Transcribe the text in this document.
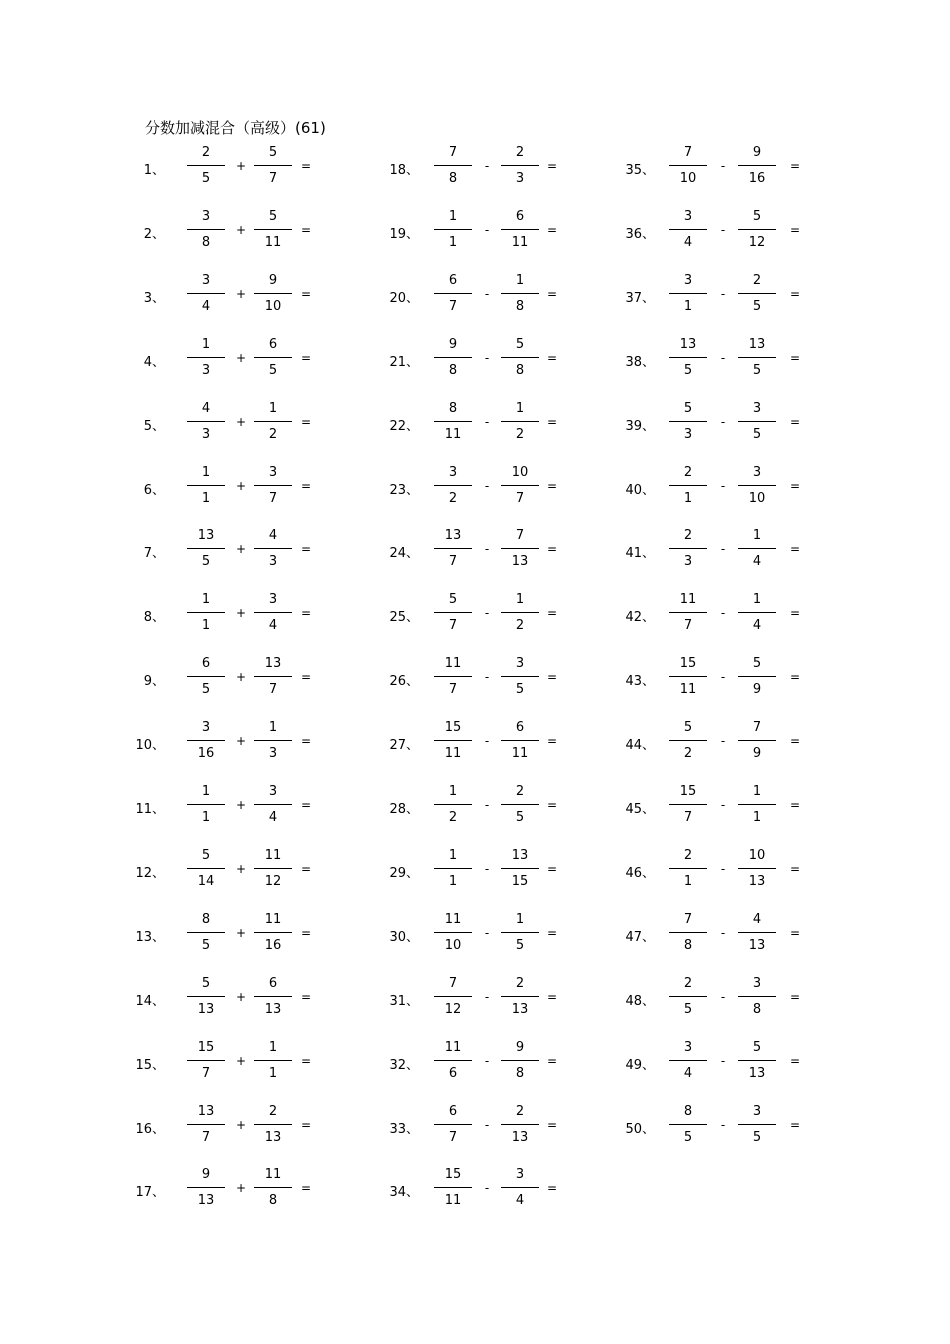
分数加减混合（高级）(61)
1、
2
5
+
5
7
=
2、
3
8
+
5
11
=
3、
3
4
+
9
10
=
4、
1
3
+
6
5
=
5、
4
3
+
1
2
=
6、
1
1
+
3
7
=
7、
13
5
+
4
3
=
8、
1
1
+
3
4
=
9、
6
5
+
13
7
=
10、
3
16
+
1
3
=
11、
1
1
+
3
4
=
12、
5
14
+
11
12
=
13、
8
5
+
11
16
=
14、
5
13
+
6
13
=
15、
15
7
+
1
1
=
16、
13
7
+
2
13
=
17、
9
13
+
11
8
=
18、
7
8
-
2
3
=
19、
1
1
-
6
11
=
20、
6
7
-
1
8
=
21、
9
8
-
5
8
=
22、
8
11
-
1
2
=
23、
3
2
-
10
7
=
24、
13
7
-
7
13
=
25、
5
7
-
1
2
=
26、
11
7
-
3
5
=
27、
15
11
-
6
11
=
28、
1
2
-
2
5
=
29、
1
1
-
13
15
=
30、
11
10
-
1
5
=
31、
7
12
-
2
13
=
32、
11
6
-
9
8
=
33、
6
7
-
2
13
=
34、
15
11
-
3
4
=
35、
7
10
-
9
16
=
36、
3
4
-
5
12
=
37、
3
1
-
2
5
=
38、
13
5
-
13
5
=
39、
5
3
-
3
5
=
40、
2
1
-
3
10
=
41、
2
3
-
1
4
=
42、
11
7
-
1
4
=
43、
15
11
-
5
9
=
44、
5
2
-
7
9
=
45、
15
7
-
1
1
=
46、
2
1
-
10
13
=
47、
7
8
-
4
13
=
48、
2
5
-
3
8
=
49、
3
4
-
5
13
=
50、
8
5
-
3
5
=
